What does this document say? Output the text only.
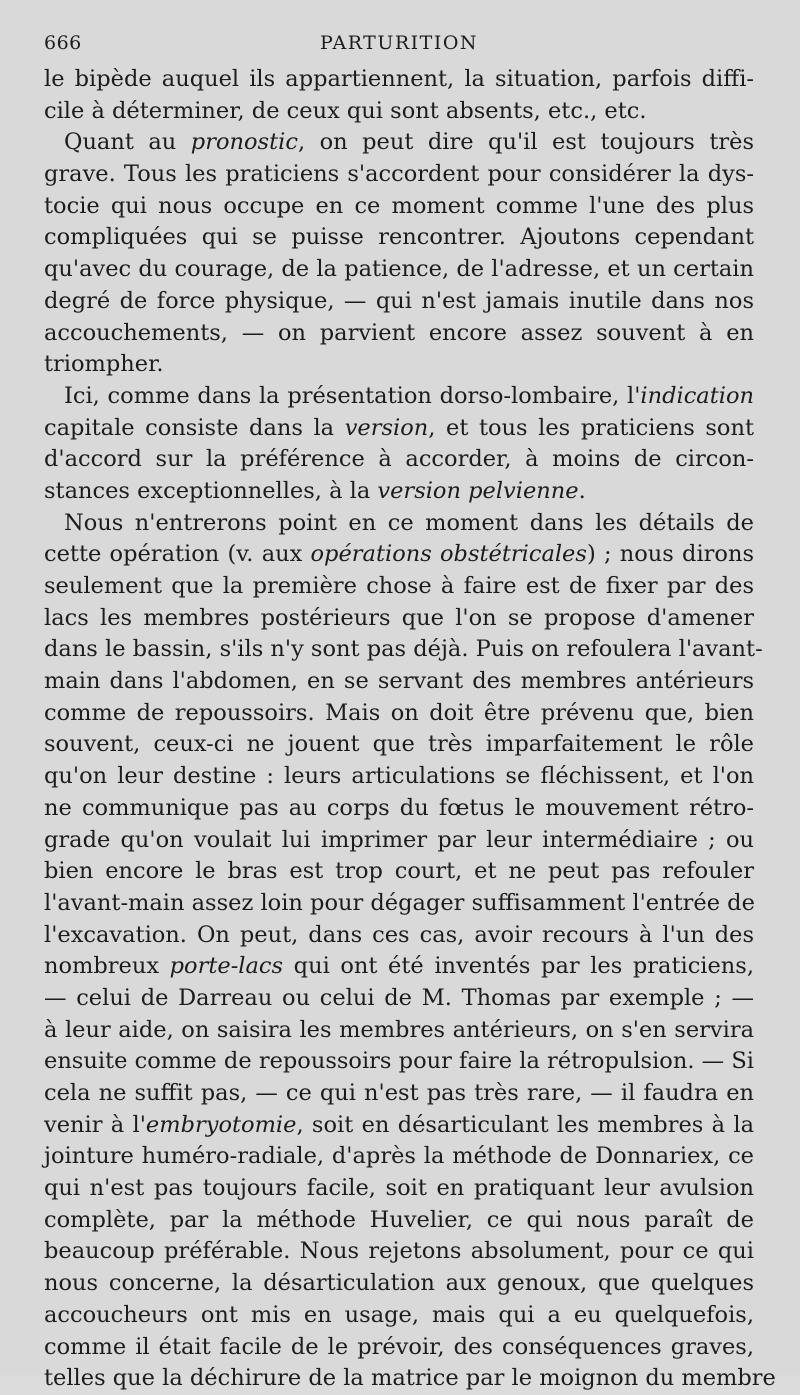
666	PARTURITION
le bipède auquel ils appartiennent, la situation, parfois diffi-
cile à déterminer, de ceux qui sont absents, etc., etc.
Quant au pronostic, on peut dire qu'il est toujours très
grave. Tous les praticiens s'accordent pour considérer la dys-
tocie qui nous occupe en ce moment comme l'une des plus
compliquées qui se puisse rencontrer. Ajoutons cependant
qu'avec du courage, de la patience, de l'adresse, et un certain
degré de force physique, — qui n'est jamais inutile dans nos
accouchements, — on parvient encore assez souvent à en
triompher.
Ici, comme dans la présentation dorso-lombaire, l'indication
capitale consiste dans la version, et tous les praticiens sont
d'accord sur la préférence à accorder, à moins de circon-
stances exceptionnelles, à la version pelvienne.
Nous n'entrerons point en ce moment dans les détails de
cette opération (v. aux opérations obstétricales) ; nous dirons
seulement que la première chose à faire est de fixer par des
lacs les membres postérieurs que l'on se propose d'amener
dans le bassin, s'ils n'y sont pas déjà. Puis on refoulera l'avant-
main dans l'abdomen, en se servant des membres antérieurs
comme de repoussoirs. Mais on doit être prévenu que, bien
souvent, ceux-ci ne jouent que très imparfaitement le rôle
qu'on leur destine : leurs articulations se fléchissent, et l'on
ne communique pas au corps du fœtus le mouvement rétro-
grade qu'on voulait lui imprimer par leur intermédiaire ; ou
bien encore le bras est trop court, et ne peut pas refouler
l'avant-main assez loin pour dégager suffisamment l'entrée de
l'excavation. On peut, dans ces cas, avoir recours à l'un des
nombreux porte-lacs qui ont été inventés par les praticiens,
— celui de Darreau ou celui de M. Thomas par exemple ; —
à leur aide, on saisira les membres antérieurs, on s'en servira
ensuite comme de repoussoirs pour faire la rétropulsion. — Si
cela ne suffit pas, — ce qui n'est pas très rare, — il faudra en
venir à l'embryotomie, soit en désarticulant les membres à la
jointure huméro-radiale, d'après la méthode de Donnariex, ce
qui n'est pas toujours facile, soit en pratiquant leur avulsion
complète, par la méthode Huvelier, ce qui nous paraît de
beaucoup préférable. Nous rejetons absolument, pour ce qui
nous concerne, la désarticulation aux genoux, que quelques
accoucheurs ont mis en usage, mais qui a eu quelquefois,
comme il était facile de le prévoir, des conséquences graves,
telles que la déchirure de la matrice par le moignon du membre
